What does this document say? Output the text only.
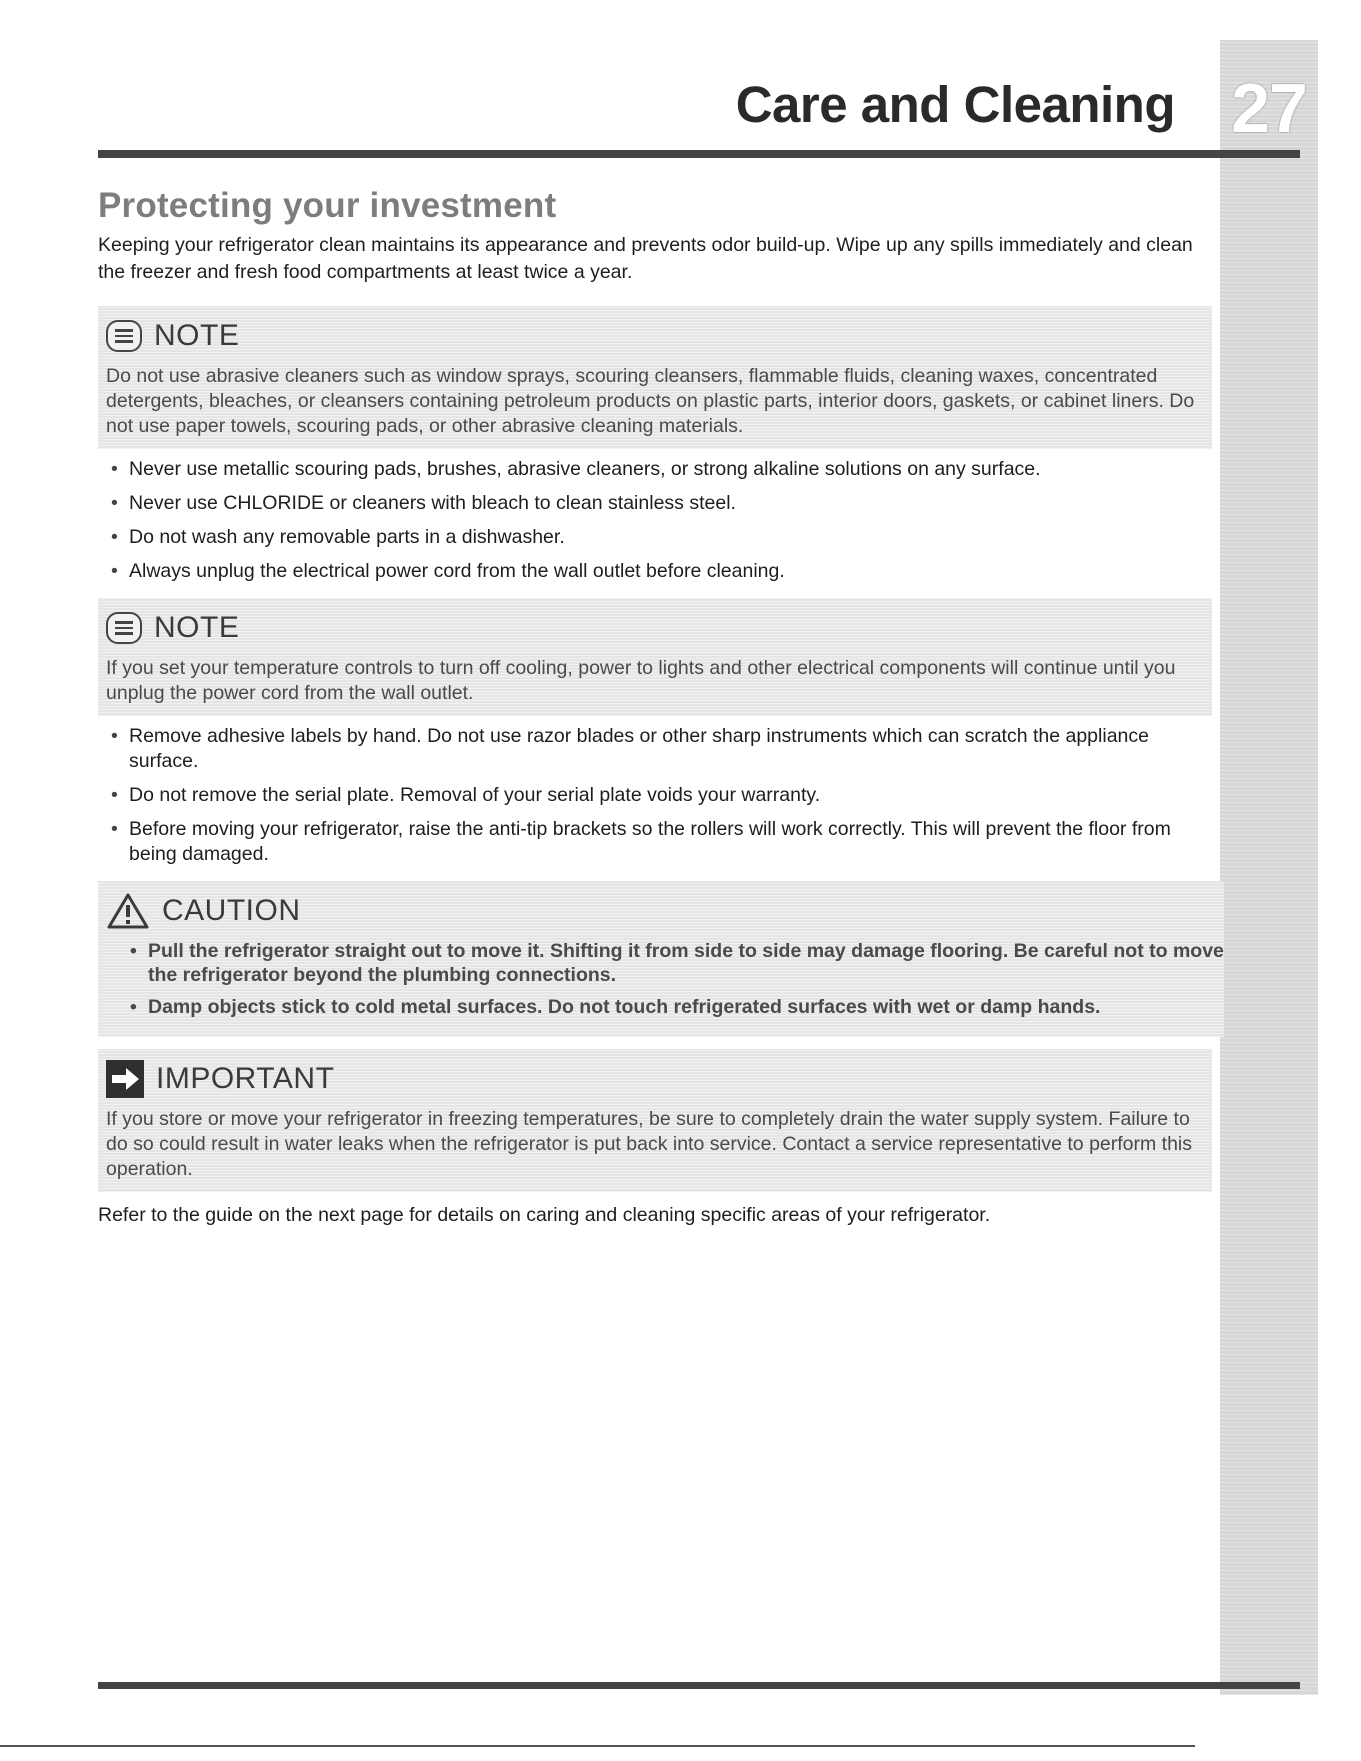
27
Care and Cleaning
Protecting your investment

Keeping your refrigerator clean maintains its appearance and prevents odor build-up. Wipe up any spills immediately and clean the freezer and fresh food compartments at least twice a year.

NOTE
Do not use abrasive cleaners such as window sprays, scouring cleansers, flammable fluids, cleaning waxes, concentrated detergents, bleaches, or cleansers containing petroleum products on plastic parts, interior doors, gaskets, or cabinet liners. Do not use paper towels, scouring pads, or other abrasive cleaning materials.
• Never use metallic scouring pads, brushes, abrasive cleaners, or strong alkaline solutions on any surface.
• Never use CHLORIDE or cleaners with bleach to clean stainless steel.
• Do not wash any removable parts in a dishwasher.
• Always unplug the electrical power cord from the wall outlet before cleaning.
NOTE
If you set your temperature controls to turn off cooling, power to lights and other electrical components will continue until you unplug the power cord from the wall outlet.
• Remove adhesive labels by hand. Do not use razor blades or other sharp instruments which can scratch the appliance surface.
• Do not remove the serial plate. Removal of your serial plate voids your warranty.
• Before moving your refrigerator, raise the anti-tip brackets so the rollers will work correctly. This will prevent the floor from being damaged.
CAUTION
• Pull the refrigerator straight out to move it. Shifting it from side to side may damage flooring. Be careful not to move the refrigerator beyond the plumbing connections.
• Damp objects stick to cold metal surfaces. Do not touch refrigerated surfaces with wet or damp hands.
IMPORTANT
If you store or move your refrigerator in freezing temperatures, be sure to completely drain the water supply system. Failure to do so could result in water leaks when the refrigerator is put back into service. Contact a service representative to perform this operation.

Refer to the guide on the next page for details on caring and cleaning specific areas of your refrigerator.
